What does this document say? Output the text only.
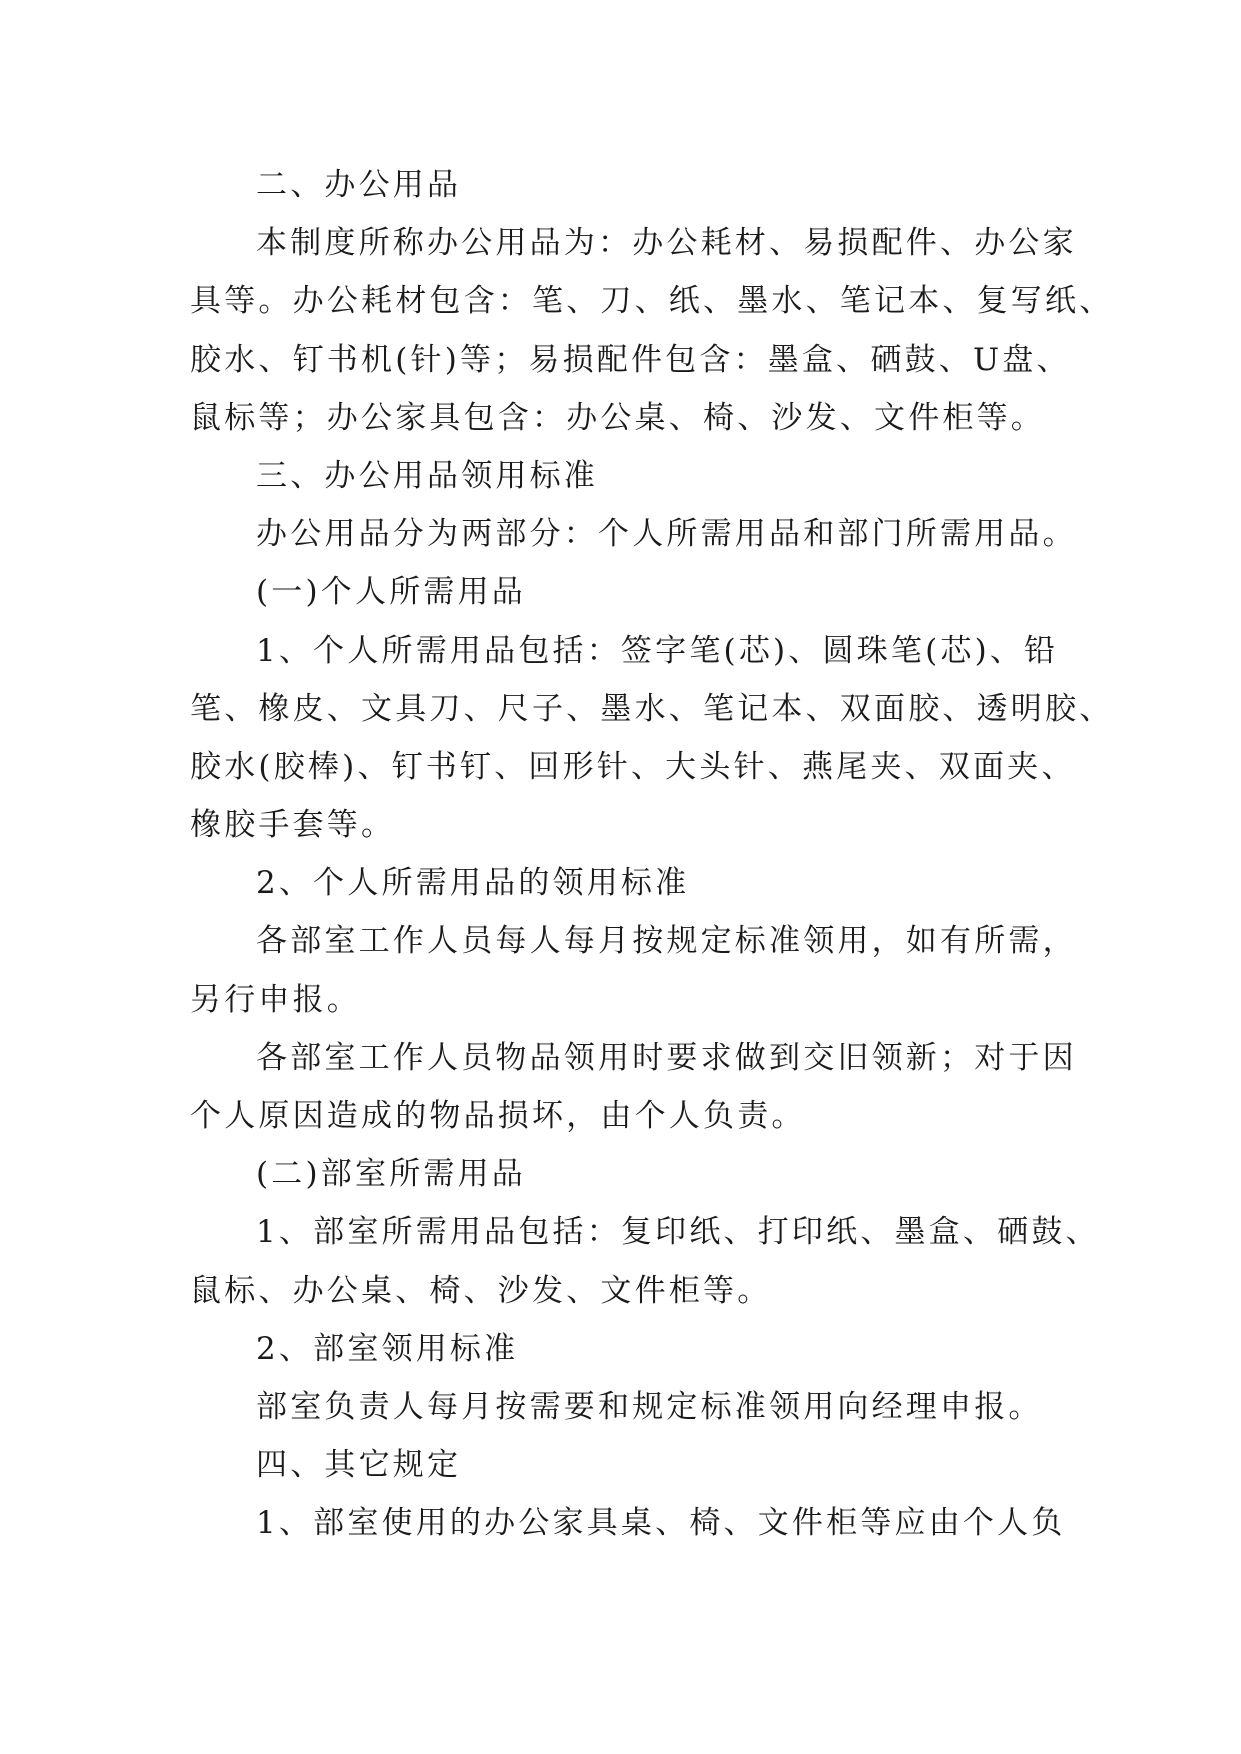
二、办公用品
本制度所称办公用品为：办公耗材、易损配件、办公家
具等。办公耗材包含：笔、刀、纸、墨水、笔记本、复写纸、
胶水、钉书机(针)等；易损配件包含：墨盒、硒鼓、U盘、
鼠标等；办公家具包含：办公桌、椅、沙发、文件柜等。
三、办公用品领用标准
办公用品分为两部分：个人所需用品和部门所需用品。
(一)个人所需用品
1、个人所需用品包括：签字笔(芯)、圆珠笔(芯)、铅
笔、橡皮、文具刀、尺子、墨水、笔记本、双面胶、透明胶、
胶水(胶棒)、钉书钉、回形针、大头针、燕尾夹、双面夹、
橡胶手套等。
2、个人所需用品的领用标准
各部室工作人员每人每月按规定标准领用，如有所需，
另行申报。
各部室工作人员物品领用时要求做到交旧领新；对于因
个人原因造成的物品损坏，由个人负责。
(二)部室所需用品
1、部室所需用品包括：复印纸、打印纸、墨盒、硒鼓、
鼠标、办公桌、椅、沙发、文件柜等。
2、部室领用标准
部室负责人每月按需要和规定标准领用向经理申报。
四、其它规定
1、部室使用的办公家具桌、椅、文件柜等应由个人负
